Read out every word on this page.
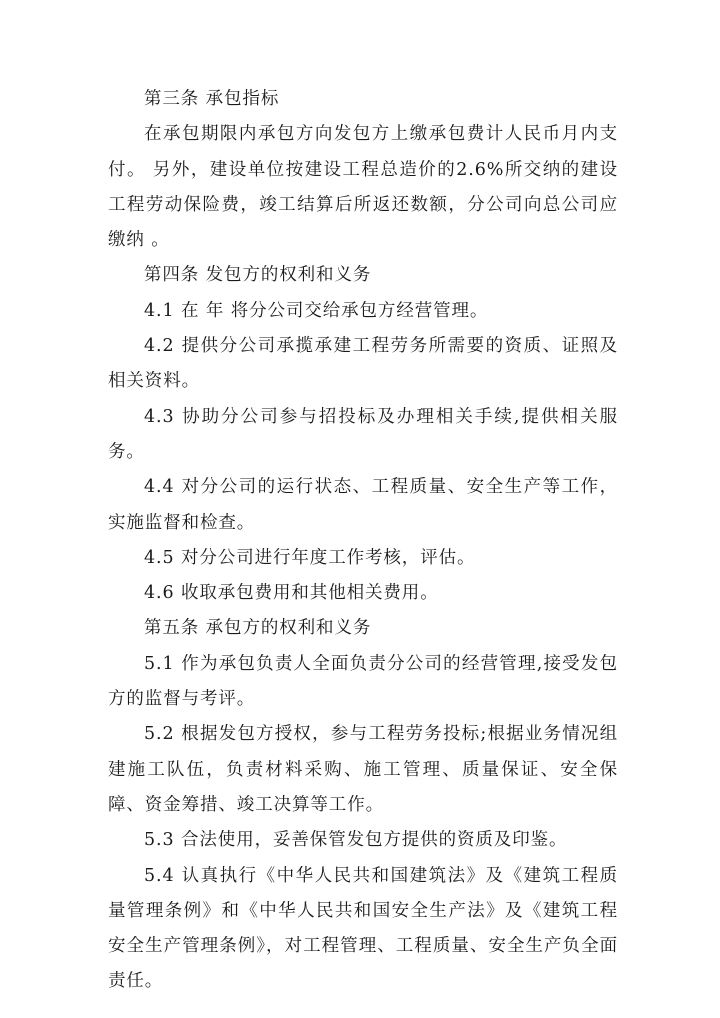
第三条 承包指标

在承包期限内承包方向发包方上缴承包费计人民币月内支付。 另外，建设单位按建设工程总造价的2.6%所交纳的建设工程劳动保险费，竣工结算后所返还数额，分公司向总公司应缴纳 。

第四条 发包方的权利和义务

4.1 在 年 将分公司交给承包方经营管理。

4.2 提供分公司承揽承建工程劳务所需要的资质、证照及相关资料。

4.3 协助分公司参与招投标及办理相关手续,提供相关服务。

4.4 对分公司的运行状态、工程质量、安全生产等工作，实施监督和检查。

4.5 对分公司进行年度工作考核，评估。

4.6 收取承包费用和其他相关费用。

第五条 承包方的权利和义务

5.1 作为承包负责人全面负责分公司的经营管理,接受发包方的监督与考评。

5.2 根据发包方授权，参与工程劳务投标;根据业务情况组建施工队伍，负责材料采购、施工管理、质量保证、安全保障、资金筹措、竣工决算等工作。

5.3 合法使用，妥善保管发包方提供的资质及印鉴。

5.4 认真执行《中华人民共和国建筑法》及《建筑工程质量管理条例》和《中华人民共和国安全生产法》及《建筑工程安全生产管理条例》，对工程管理、工程质量、安全生产负全面责任。
